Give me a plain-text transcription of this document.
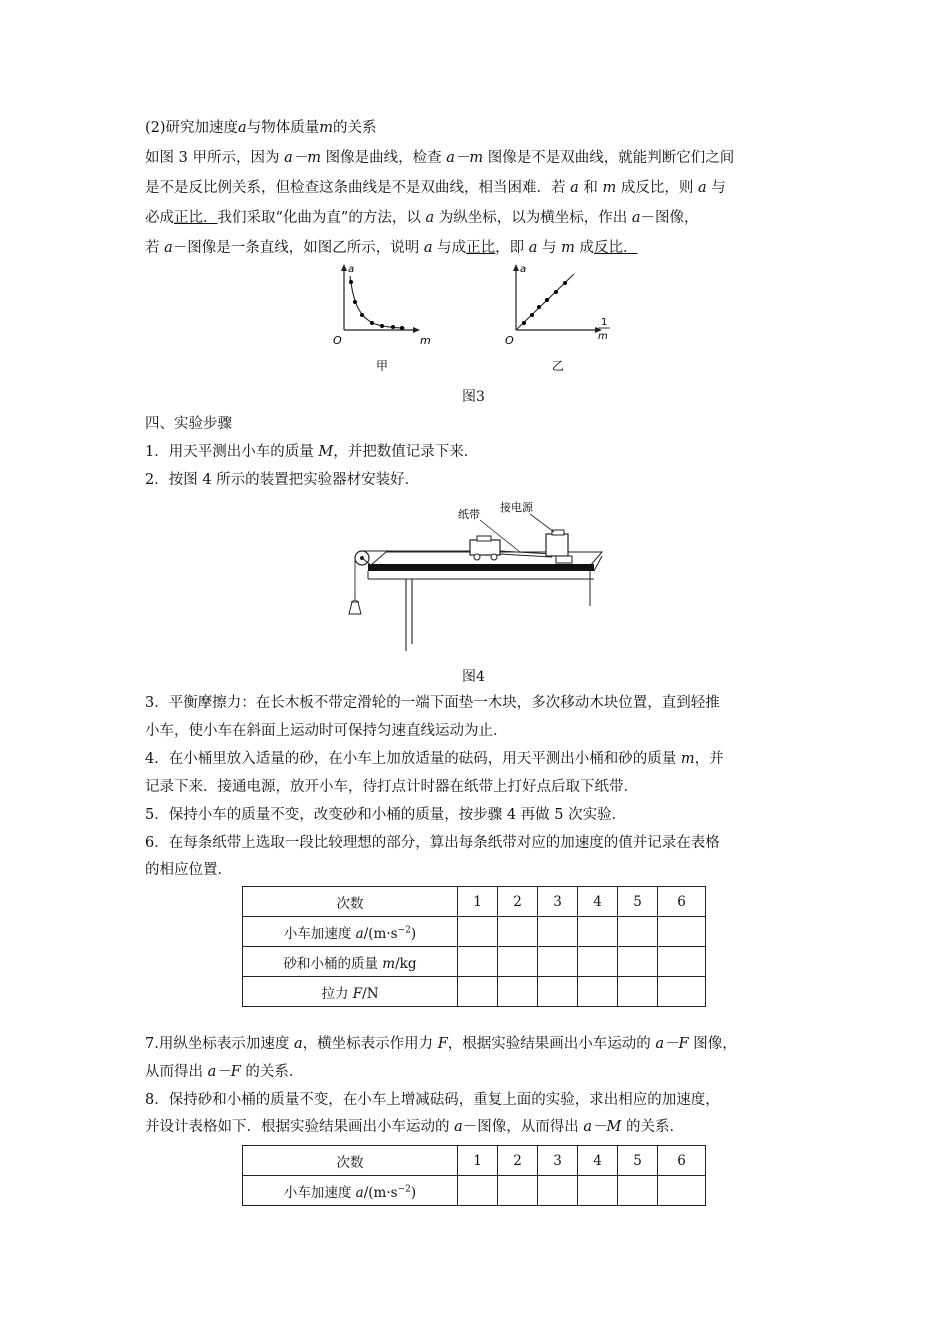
(2)研究加速度a与物体质量m的关系
如图 3 甲所示，因为 a－m 图像是曲线，检查 a－m 图像是不是双曲线，就能判断它们之间
是不是反比例关系，但检查这条曲线是不是双曲线，相当困难．若 a 和 m 成反比，则 a 与
必成正比．我们采取“化曲为直”的方法，以 a 为纵坐标，以为横坐标，作出 a－图像，
若 a－图像是一条直线，如图乙所示，说明 a 与成正比，即 a 与 m 成反比．
a
m
O
甲
a
1
m
O
乙
图3
四、实验步骤
1．用天平测出小车的质量 M，并把数值记录下来．
2．按图 4 所示的装置把实验器材安装好．
纸带
接电源
图4
3．平衡摩擦力：在长木板不带定滑轮的一端下面垫一木块，多次移动木块位置，直到轻推
小车，使小车在斜面上运动时可保持匀速直线运动为止．
4．在小桶里放入适量的砂，在小车上加放适量的砝码，用天平测出小桶和砂的质量 m，并
记录下来．接通电源，放开小车，待打点计时器在纸带上打好点后取下纸带．
5．保持小车的质量不变，改变砂和小桶的质量，按步骤 4 再做 5 次实验．
6．在每条纸带上选取一段比较理想的部分，算出每条纸带对应的加速度的值并记录在表格
的相应位置．
次数	1	2	3	4	5	6
小车加速度 $a/(m\cdot s^{-2})$						
砂和小桶的质量 m/kg						
拉力 F/N						
7.用纵坐标表示加速度 a，横坐标表示作用力 F，根据实验结果画出小车运动的 a－F 图像，
从而得出 a－F 的关系．
8．保持砂和小桶的质量不变，在小车上增减砝码，重复上面的实验，求出相应的加速度，
并设计表格如下．根据实验结果画出小车运动的 a－图像，从而得出 a－M 的关系．
次数	1	2	3	4	5	6
小车加速度 $a/(m\cdot s^{-2})$						
